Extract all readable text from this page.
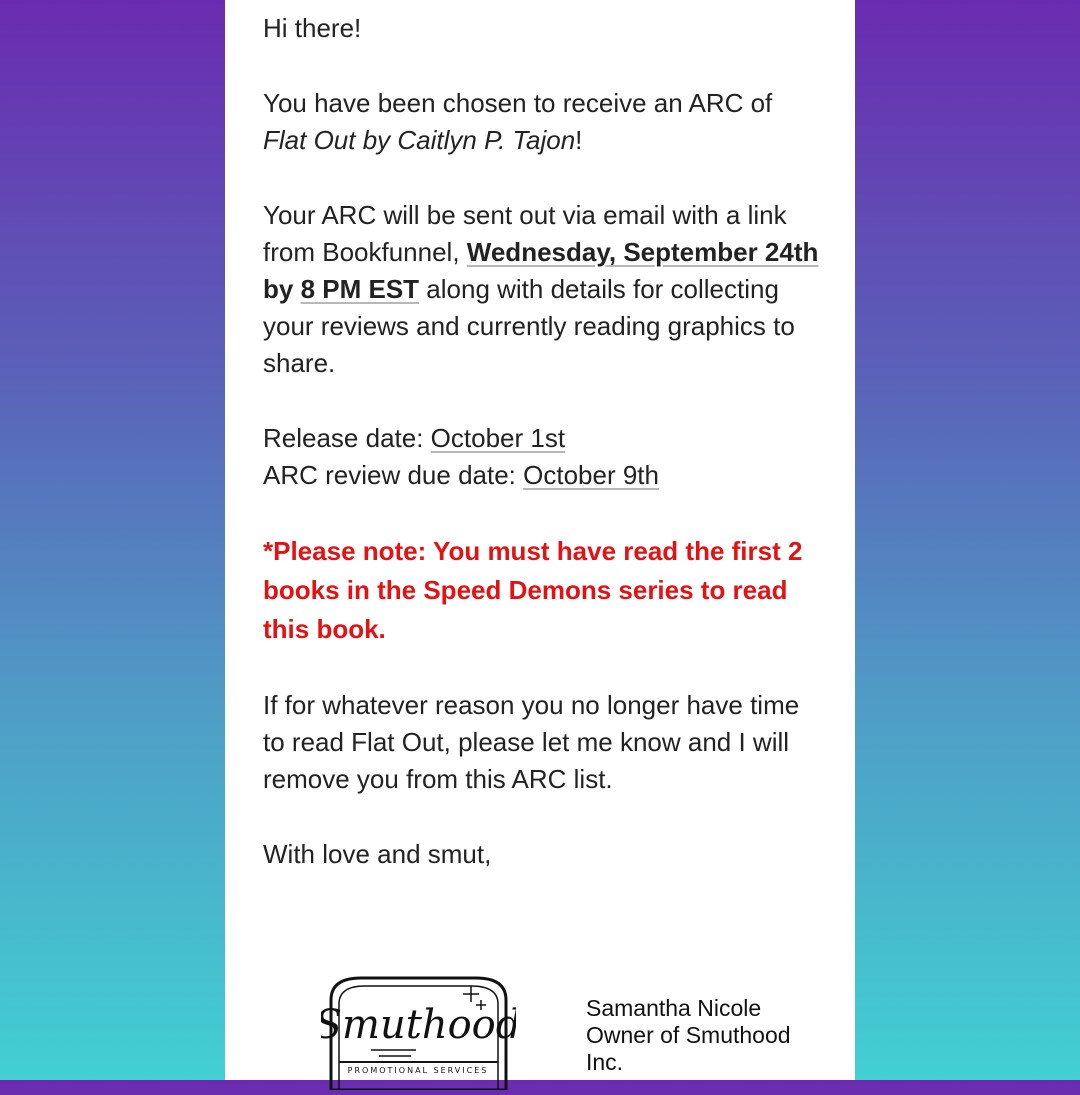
Hi there!

You have been chosen to receive an ARC of
Flat Out by Caitlyn P. Tajon!

Your ARC will be sent out via email with a link from Bookfunnel, Wednesday, September 24th by 8 PM EST along with details for collecting your reviews and currently reading graphics to share.

Release date: October 1st
ARC review due date: October 9th

*Please note: You must have read the first 2 books in the Speed Demons series to read this book.

If for whatever reason you no longer have time to read Flat Out, please let me know and I will remove you from this ARC list.

With love and smut,

Smuthood
PROMOTIONAL SERVICES
Samantha Nicole
Owner of Smuthood Inc.
